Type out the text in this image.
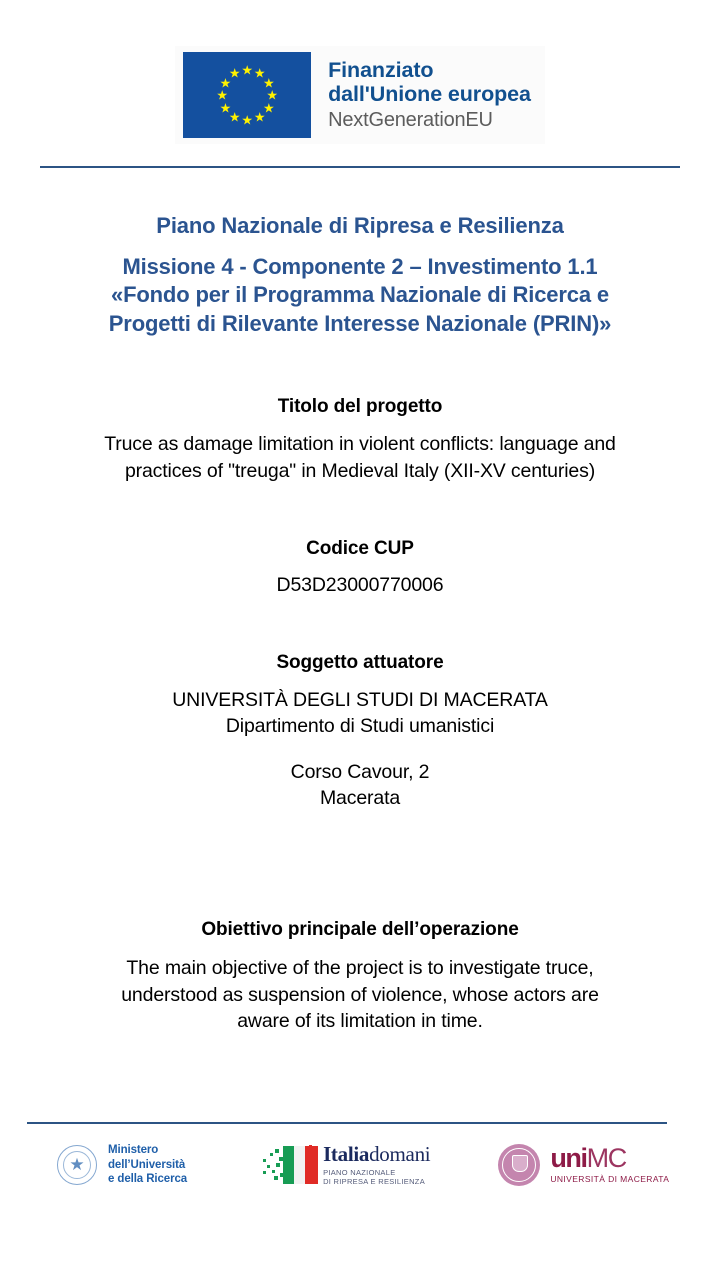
★ ★
★
★
★
★
★
★
★
★
★
★	Finanziato
dall'Unione europea
NextGenerationEU
Piano Nazionale di Ripresa e Resilienza
Missione 4 - Componente 2 – Investimento 1.1
«Fondo per il Programma Nazionale di Ricerca e
Progetti di Rilevante Interesse Nazionale (PRIN)»
Titolo del progetto
Truce as damage limitation in violent conflicts: language and
practices of "treuga" in Medieval Italy (XII-XV centuries)
Codice CUP
D53D23000770006
Soggetto attuatore
UNIVERSITÀ DEGLI STUDI DI MACERATA
Dipartimento di Studi umanistici
Corso Cavour, 2
Macerata
Obiettivo principale dell’operazione
The main objective of the project is to investigate truce,
understood as suspension of violence, whose actors are
aware of its limitation in time.
★
Ministero
dell’Università
e della Ricerca
Italiadomani
PIANO NAZIONALE
DI RIPRESA E RESILIENZA
uniMC
UNIVERSITÀ DI MACERATA
